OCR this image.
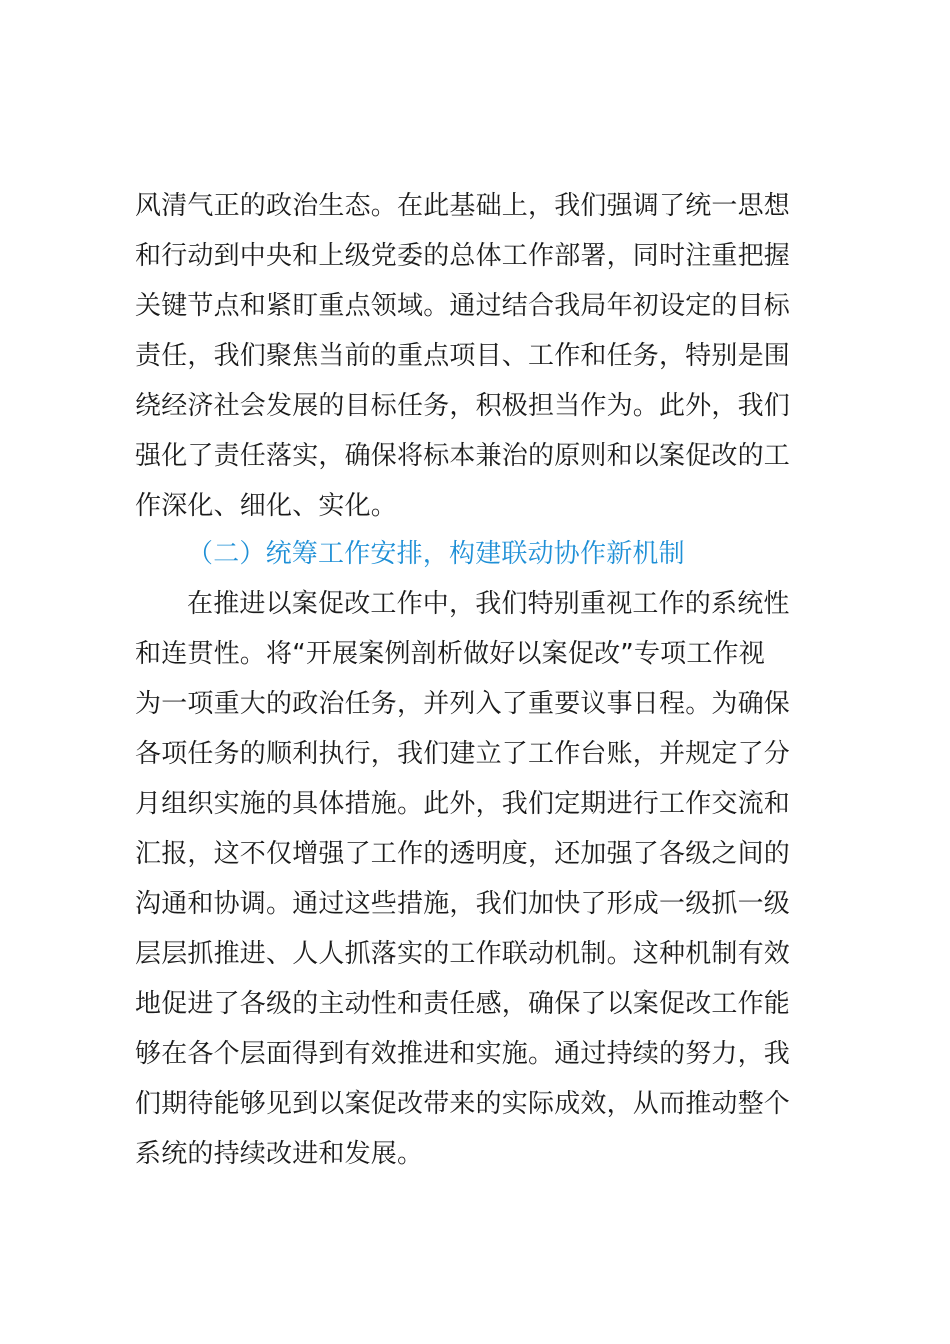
风清气正的政治生态。在此基础上，我们强调了统一思想
和行动到中央和上级党委的总体工作部署，同时注重把握
关键节点和紧盯重点领域。通过结合我局年初设定的目标
责任，我们聚焦当前的重点项目、工作和任务，特别是围
绕经济社会发展的目标任务，积极担当作为。此外，我们
强化了责任落实，确保将标本兼治的原则和以案促改的工
作深化、细化、实化。
（二）统筹工作安排，构建联动协作新机制
在推进以案促改工作中，我们特别重视工作的系统性
和连贯性。将“开展案例剖析做好以案促改”专项工作视
为一项重大的政治任务，并列入了重要议事日程。为确保
各项任务的顺利执行，我们建立了工作台账，并规定了分
月组织实施的具体措施。此外，我们定期进行工作交流和
汇报，这不仅增强了工作的透明度，还加强了各级之间的
沟通和协调。通过这些措施，我们加快了形成一级抓一级
层层抓推进、人人抓落实的工作联动机制。这种机制有效
地促进了各级的主动性和责任感，确保了以案促改工作能
够在各个层面得到有效推进和实施。通过持续的努力，我
们期待能够见到以案促改带来的实际成效，从而推动整个
系统的持续改进和发展。
